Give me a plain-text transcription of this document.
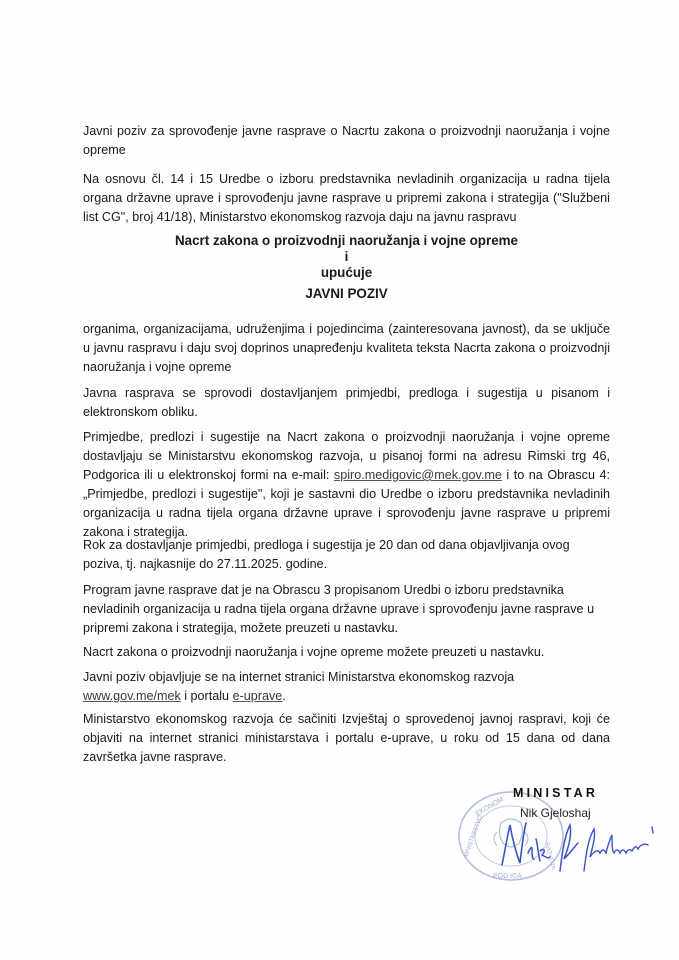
Javni poziv za sprovođenje javne rasprave o Nacrtu zakona o proizvodnji naoružanja i vojne opreme

Na osnovu čl. 14 i 15 Uredbe o izboru predstavnika nevladinih organizacija u radna tijela organa državne uprave i sprovođenju javne rasprave u pripremi zakona i strategija ("Službeni list CG", broj 41/18), Ministarstvo ekonomskog razvoja daju na javnu raspravu

Nacrt zakona o proizvodnji naoružanja i vojne opreme
i
upućuje
JAVNI POZIV

organima, organizacijama, udruženjima i pojedincima (zainteresovana javnost), da se uključe u javnu raspravu i daju svoj doprinos unapređenju kvaliteta teksta Nacrta zakona o proizvodnji naoružanja i vojne opreme

Javna rasprava se sprovodi dostavljanjem primjedbi, predloga i sugestija u pisanom i elektronskom obliku.

Primjedbe, predlozi i sugestije na Nacrt zakona o proizvodnji naoružanja i vojne opreme dostavljaju se Ministarstvu ekonomskog razvoja, u pisanoj formi na adresu Rimski trg 46, Podgorica ili u elektronskoj formi na e-mail: spiro.medigovic@mek.gov.me i to na Obrascu 4: „Primjedbe, predlozi i sugestije", koji je sastavni dio Uredbe o izboru predstavnika nevladinih organizacija u radna tijela organa državne uprave i sprovođenju javne rasprave u pripremi zakona i strategija.

Rok za dostavljanje primjedbi, predloga i sugestija je 20 dan od dana objavljivanja ovog poziva, tj. najkasnije do 27.11.2025. godine.

Program javne rasprave dat je na Obrascu 3 propisanom Uredbi o izboru predstavnika nevladinih organizacija u radna tijela organa državne uprave i sprovođenju javne rasprave u pripremi zakona i strategija, možete preuzeti u nastavku.

Nacrt zakona o proizvodnji naoružanja i vojne opreme možete preuzeti u nastavku.

Javni poziv objavljuje se na internet stranici Ministarstva ekonomskog razvoja www.gov.me/mek i portalu e-uprave.

Ministarstvo ekonomskog razvoja će sačiniti Izvještaj o sprovedenoj javnoj raspravi, koji će objaviti na internet stranici ministarstava i portalu e-uprave, u roku od 15 dana od dana završetka javne rasprave.

EKONOM
MINISTARSTVO
POD ICA
RAZVOJA
MINISTAR
Nik Gjeloshaj
